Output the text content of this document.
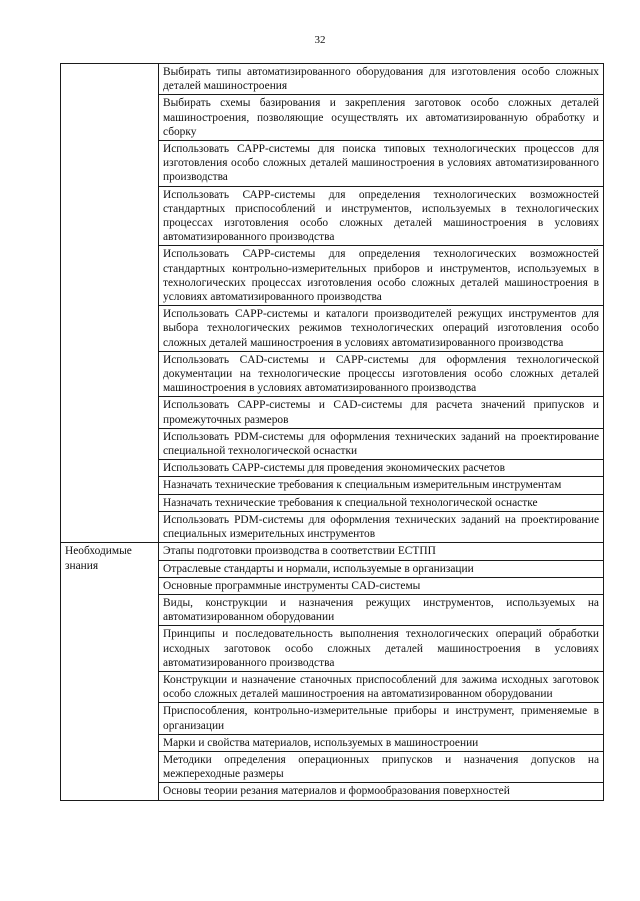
32
	Выбирать типы автоматизированного оборудования для изготовления особо сложных деталей машиностроения
	Выбирать схемы базирования и закрепления заготовок особо сложных деталей машиностроения, позволяющие осуществлять их автоматизированную обработку и сборку
	Использовать САРР-системы для поиска типовых технологических процессов для изготовления особо сложных деталей машиностроения в условиях автоматизированного производства
	Использовать САРР-системы для определения технологических возможностей стандартных приспособлений и инструментов, используемых в технологических процессах изготовления особо сложных деталей машиностроения в условиях автоматизированного производства
	Использовать САРР-системы для определения технологических возможностей стандартных контрольно-измерительных приборов и инструментов, используемых в технологических процессах изготовления особо сложных деталей машиностроения в условиях автоматизированного производства
	Использовать САРР-системы и каталоги производителей режущих инструментов для выбора технологических режимов технологических операций изготовления особо сложных деталей машиностроения в условиях автоматизированного производства
	Использовать CAD-системы и САРР-системы для оформления технологической документации на технологические процессы изготовления особо сложных деталей машиностроения в условиях автоматизированного производства
	Использовать САРР-системы и CAD-системы для расчета значений припусков и промежуточных размеров
	Использовать PDM-системы для оформления технических заданий на проектирование специальной технологической оснастки
	Использовать САРР-системы для проведения экономических расчетов
	Назначать технические требования к специальным измерительным инструментам
	Назначать технические требования к специальной технологической оснастке
	Использовать PDM-системы для оформления технических заданий на проектирование специальных измерительных инструментов
Необходимые знания	Этапы подготовки производства в соответствии ЕСТПП
	Отраслевые стандарты и нормали, используемые в организации
	Основные программные инструменты CAD-системы
	Виды, конструкции и назначения режущих инструментов, используемых на автоматизированном оборудовании
	Принципы и последовательность выполнения технологических операций обработки исходных заготовок особо сложных деталей машиностроения в условиях автоматизированного производства
	Конструкции и назначение станочных приспособлений для зажима исходных заготовок особо сложных деталей машиностроения на автоматизированном оборудовании
	Приспособления, контрольно-измерительные приборы и инструмент, применяемые в организации
	Марки и свойства материалов, используемых в машиностроении
	Методики определения операционных припусков и назначения допусков на межпереходные размеры
	Основы теории резания материалов и формообразования поверхностей
